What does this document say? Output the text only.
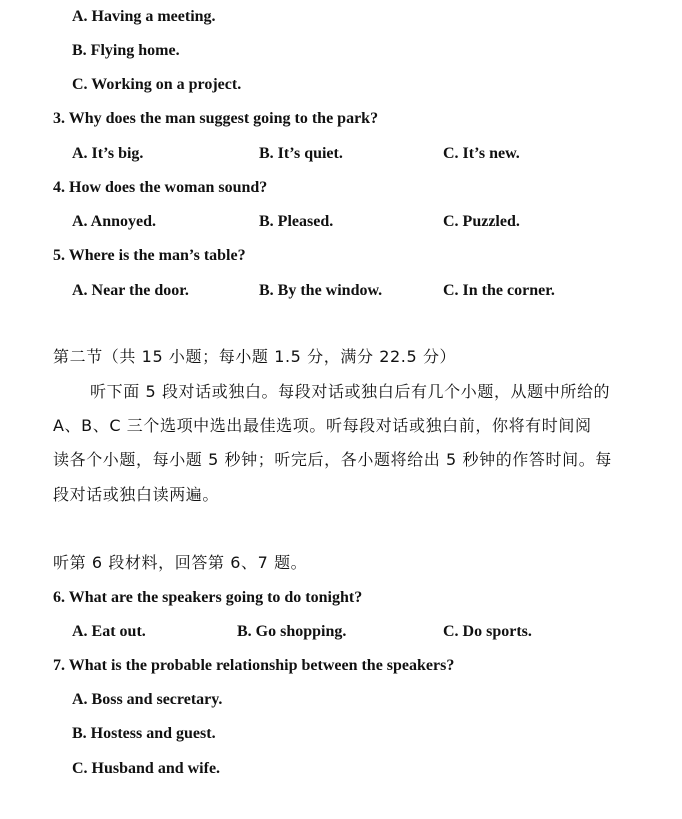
A. Having a meeting.
B. Flying home.
C. Working on a project.
3. Why does the man suggest going to the park?
A. It’s big.	B. It’s quiet.	C. It’s new.
4. How does the woman sound?
A. Annoyed.	B. Pleased.	C. Puzzled.
5. Where is the man’s table?
A. Near the door.	B. By the window.	C. In the corner.
第二节（共 15 小题；每小题 1.5 分，满分 22.5 分）
听下面 5 段对话或独白。每段对话或独白后有几个小题，从题中所给的
A、B、C 三个选项中选出最佳选项。听每段对话或独白前，你将有时间阅
读各个小题，每小题 5 秒钟；听完后，各小题将给出 5 秒钟的作答时间。每
段对话或独白读两遍。
听第 6 段材料，回答第 6、7 题。
6. What are the speakers going to do tonight?
A. Eat out.	B. Go shopping.	C. Do sports.
7. What is the probable relationship between the speakers?
A. Boss and secretary.
B. Hostess and guest.
C. Husband and wife.
